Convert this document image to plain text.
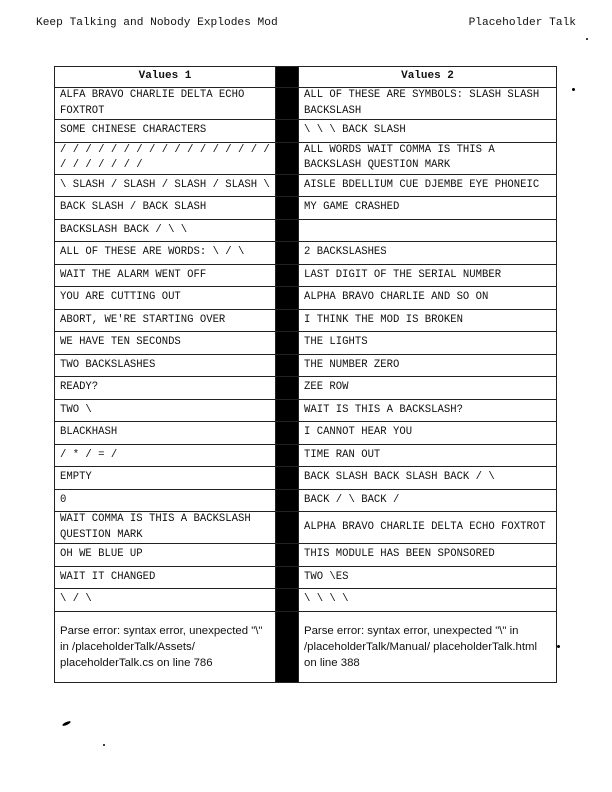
Keep Talking and Nobody Explodes Mod	Placeholder Talk
Values 1		Values 2
ALFA BRAVO CHARLIE DELTA ECHO FOXTROT		ALL OF THESE ARE SYMBOLS: SLASH SLASH BACKSLASH
SOME CHINESE CHARACTERS		\ \ \ BACK SLASH
/ / / / / / / / / / / / / / / / / / / / / / / /		ALL WORDS WAIT COMMA IS THIS A BACKSLASH QUESTION MARK
\ SLASH / SLASH / SLASH / SLASH \		AISLE BDELLIUM CUE DJEMBE EYE PHONEIC
BACK SLASH / BACK SLASH		MY GAME CRASHED
BACKSLASH BACK / \ \		
ALL OF THESE ARE WORDS: \ / \		2 BACKSLASHES
WAIT THE ALARM WENT OFF		LAST DIGIT OF THE SERIAL NUMBER
YOU ARE CUTTING OUT		ALPHA BRAVO CHARLIE AND SO ON
ABORT, WE'RE STARTING OVER		I THINK THE MOD IS BROKEN
WE HAVE TEN SECONDS		THE LIGHTS
TWO BACKSLASHES		THE NUMBER ZERO
READY?		ZEE ROW
TWO \		WAIT IS THIS A BACKSLASH?
BLACKHASH		I CANNOT HEAR YOU
/ * / = /		TIME RAN OUT
EMPTY		BACK SLASH BACK SLASH BACK / \
0		BACK / \ BACK /
WAIT COMMA IS THIS A BACKSLASH QUESTION MARK		ALPHA BRAVO CHARLIE DELTA ECHO FOXTROT
OH WE BLUE UP		THIS MODULE HAS BEEN SPONSORED
WAIT IT CHANGED		TWO \ES
\ / \		\ \ \ \
Parse error: syntax error, unexpected "\" in /placeholderTalk/Assets/ placeholderTalk.cs on line 786		Parse error: syntax error, unexpected "\" in /placeholderTalk/Manual/ placeholderTalk.html on line 388
